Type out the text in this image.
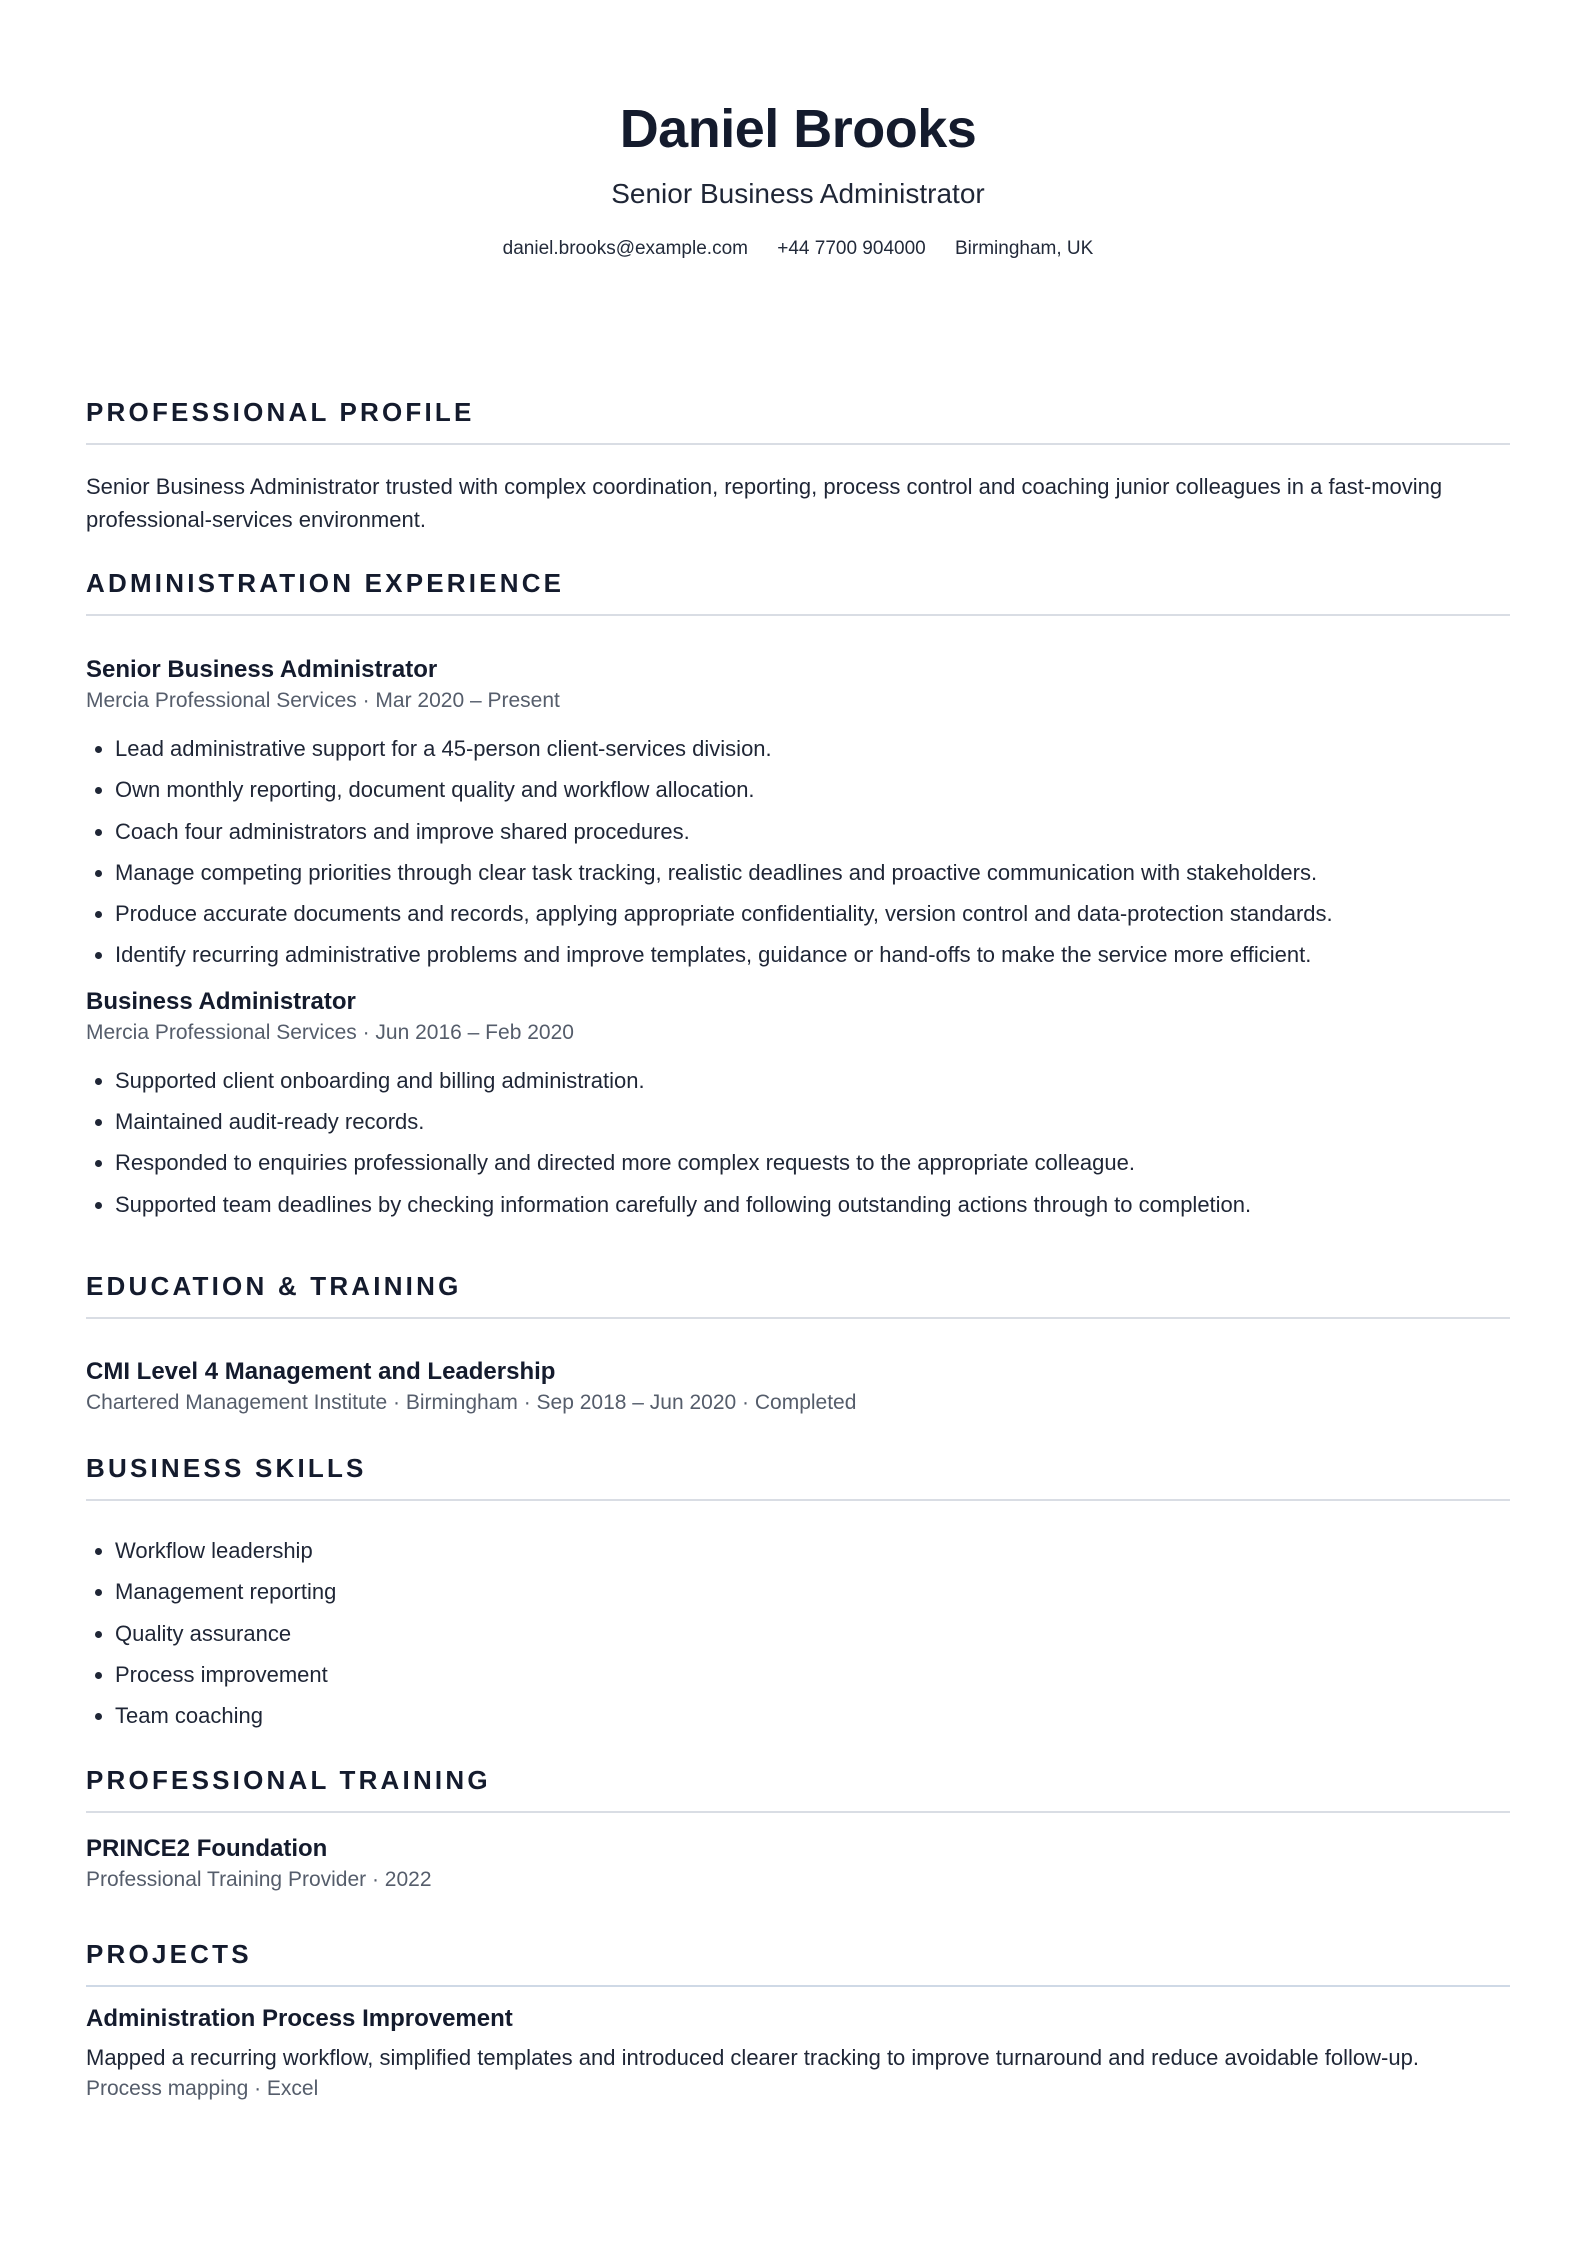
Daniel Brooks
Senior Business Administrator
daniel.brooks@example.com +44 7700 904000 Birmingham, UK
PROFESSIONAL PROFILE
Senior Business Administrator trusted with complex coordination, reporting, process control and coaching junior colleagues in a fast-moving professional-services environment.
ADMINISTRATION EXPERIENCE
Senior Business Administrator
Mercia Professional Services · Mar 2020 – Present
• Lead administrative support for a 45-person client-services division.
• Own monthly reporting, document quality and workflow allocation.
• Coach four administrators and improve shared procedures.
• Manage competing priorities through clear task tracking, realistic deadlines and proactive communication with stakeholders.
• Produce accurate documents and records, applying appropriate confidentiality, version control and data-protection standards.
• Identify recurring administrative problems and improve templates, guidance or hand-offs to make the service more efficient.
Business Administrator
Mercia Professional Services · Jun 2016 – Feb 2020
• Supported client onboarding and billing administration.
• Maintained audit-ready records.
• Responded to enquiries professionally and directed more complex requests to the appropriate colleague.
• Supported team deadlines by checking information carefully and following outstanding actions through to completion.
EDUCATION & TRAINING
CMI Level 4 Management and Leadership
Chartered Management Institute · Birmingham · Sep 2018 – Jun 2020 · Completed
BUSINESS SKILLS
• Workflow leadership
• Management reporting
• Quality assurance
• Process improvement
• Team coaching
PROFESSIONAL TRAINING
PRINCE2 Foundation
Professional Training Provider · 2022
PROJECTS
Administration Process Improvement
Mapped a recurring workflow, simplified templates and introduced clearer tracking to improve turnaround and reduce avoidable follow-up.
Process mapping · Excel
